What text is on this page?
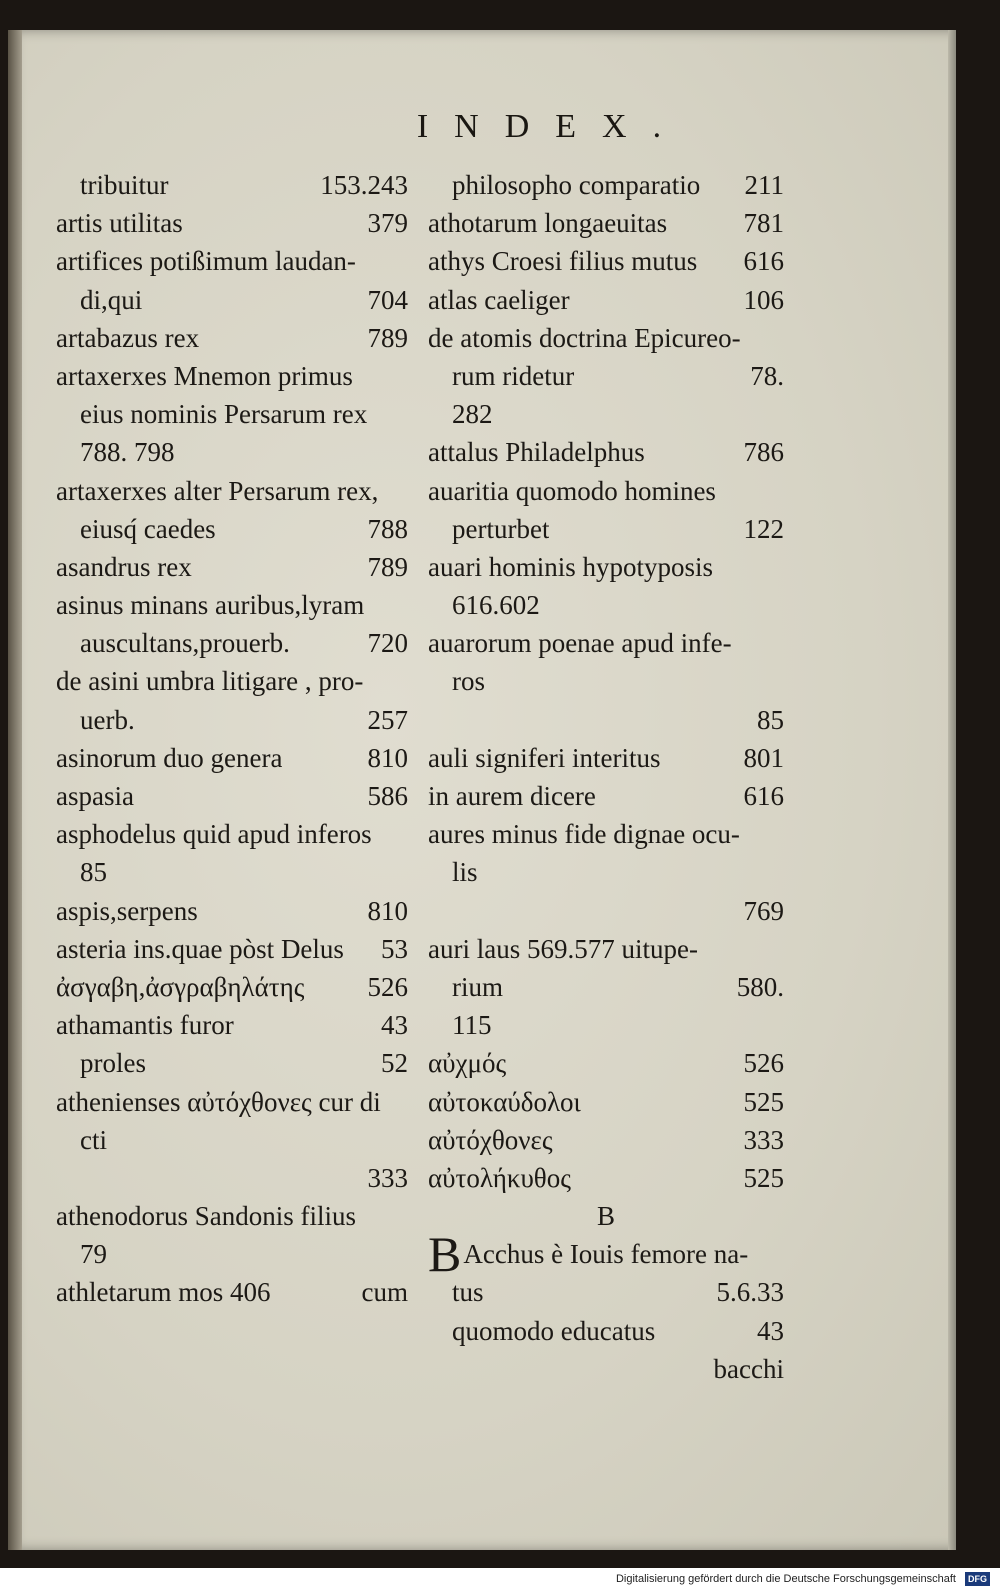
INDEX.
tribuitur	153.243
artis utilitas	379
artifices potißimum laudan-
di,qui	704
artabazus rex	789
artaxerxes Mnemon primus
eius nominis Persarum rex
788. 798
artaxerxes alter Persarum rex,
eiusq́ caedes	788
asandrus rex	789
asinus minans auribus,lyram
auscultans,prouerb.	720
de asini umbra litigare , pro-
uerb.	257
asinorum duo genera	810
aspasia	586
asphodelus quid apud inferos
85
aspis,serpens	810
asteria ins.quae pòst Delus 53
ἀσγαβη,ἀσγραβηλάτης 526
athamantis furor	43
proles	52
athenienses αὐτόχθονες cur di
cti
333
athenodorus Sandonis filius
79
athletarum mos 406	cum
philosopho comparatio 211
athotarum longaeuitas	781
athys Croesi filius mutus 616
atlas caeliger	106
de atomis doctrina Epicureo-
rum ridetur	78.
282
attalus Philadelphus	786
auaritia quomodo homines
perturbet	122
auari hominis hypotyposis
616.602
auarorum poenae apud infe-
ros
85
auli signiferi interitus	801
in aurem dicere	616
aures minus fide dignae ocu-
lis
769
auri laus 569.577 uitupe-
rium	580.
115
αὐχμός	526
αὐτοκαύδολοι	525
αὐτόχθονες	333
αὐτολήκυθος	525
B
BAcchus è Iouis femore na-
tus	5.6.33
quomodo educatus	43
bacchi
Digitalisierung gefördert durch die Deutsche Forschungsgemeinschaft DFG
